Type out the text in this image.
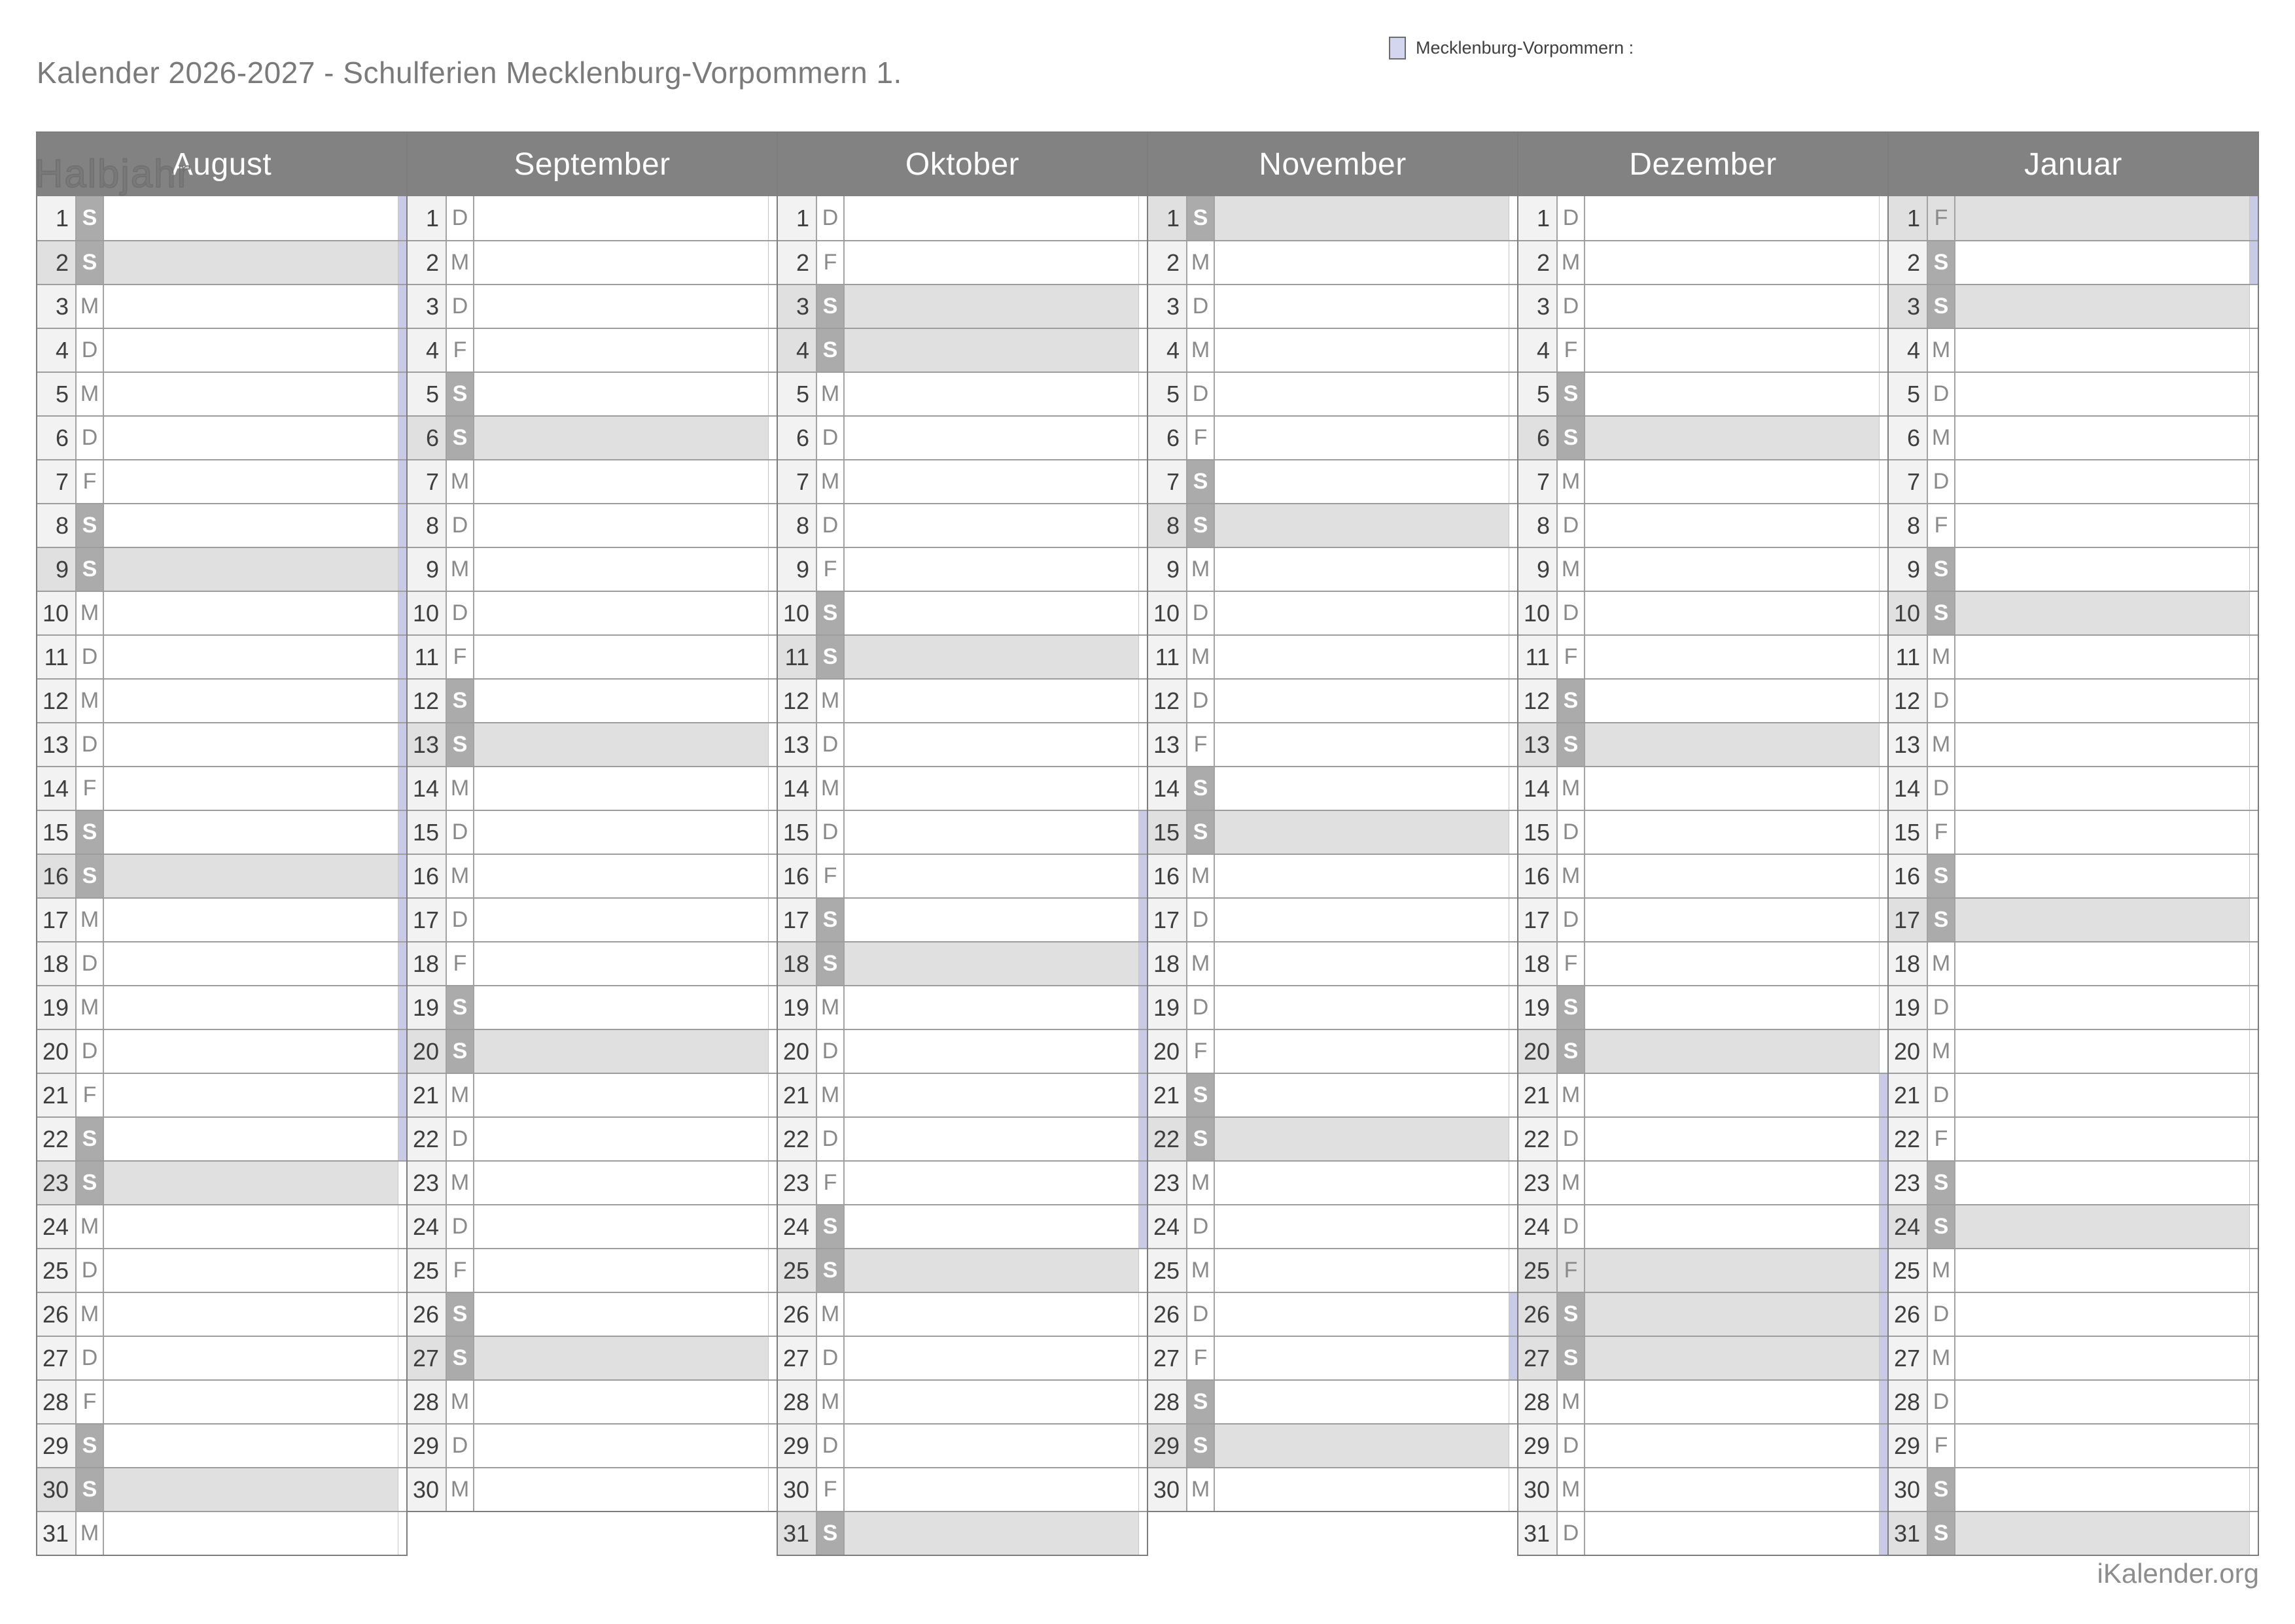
Kalender 2026-2027 - Schulferien Mecklenburg-Vorpommern 1.
Mecklenburg-Vorpommern :
Halbjahr
August
1 S
2 S
3 M
4 D
5 M
6 D
7 F
8 S
9 S
10 M
11 D
12 M
13 D
14 F
15 S
16 S
17 M
18 D
19 M
20 D
21 F
22 S
23 S
24 M
25 D
26 M
27 D
28 F
29 S
30 S
31 M
September
1 D
2 M
3 D
4 F
5 S
6 S
7 M
8 D
9 M
10 D
11 F
12 S
13 S
14 M
15 D
16 M
17 D
18 F
19 S
20 S
21 M
22 D
23 M
24 D
25 F
26 S
27 S
28 M
29 D
30 M
Oktober
1 D
2 F
3 S
4 S
5 M
6 D
7 M
8 D
9 F
10 S
11 S
12 M
13 D
14 M
15 D
16 F
17 S
18 S
19 M
20 D
21 M
22 D
23 F
24 S
25 S
26 M
27 D
28 M
29 D
30 F
31 S
November
1 S
2 M
3 D
4 M
5 D
6 F
7 S
8 S
9 M
10 D
11 M
12 D
13 F
14 S
15 S
16 M
17 D
18 M
19 D
20 F
21 S
22 S
23 M
24 D
25 M
26 D
27 F
28 S
29 S
30 M
Dezember
1 D
2 M
3 D
4 F
5 S
6 S
7 M
8 D
9 M
10 D
11 F
12 S
13 S
14 M
15 D
16 M
17 D
18 F
19 S
20 S
21 M
22 D
23 M
24 D
25 F
26 S
27 S
28 M
29 D
30 M
31 D
Januar
1 F
2 S
3 S
4 M
5 D
6 M
7 D
8 F
9 S
10 S
11 M
12 D
13 M
14 D
15 F
16 S
17 S
18 M
19 D
20 M
21 D
22 F
23 S
24 S
25 M
26 D
27 M
28 D
29 F
30 S
31 S
iKalender.org
